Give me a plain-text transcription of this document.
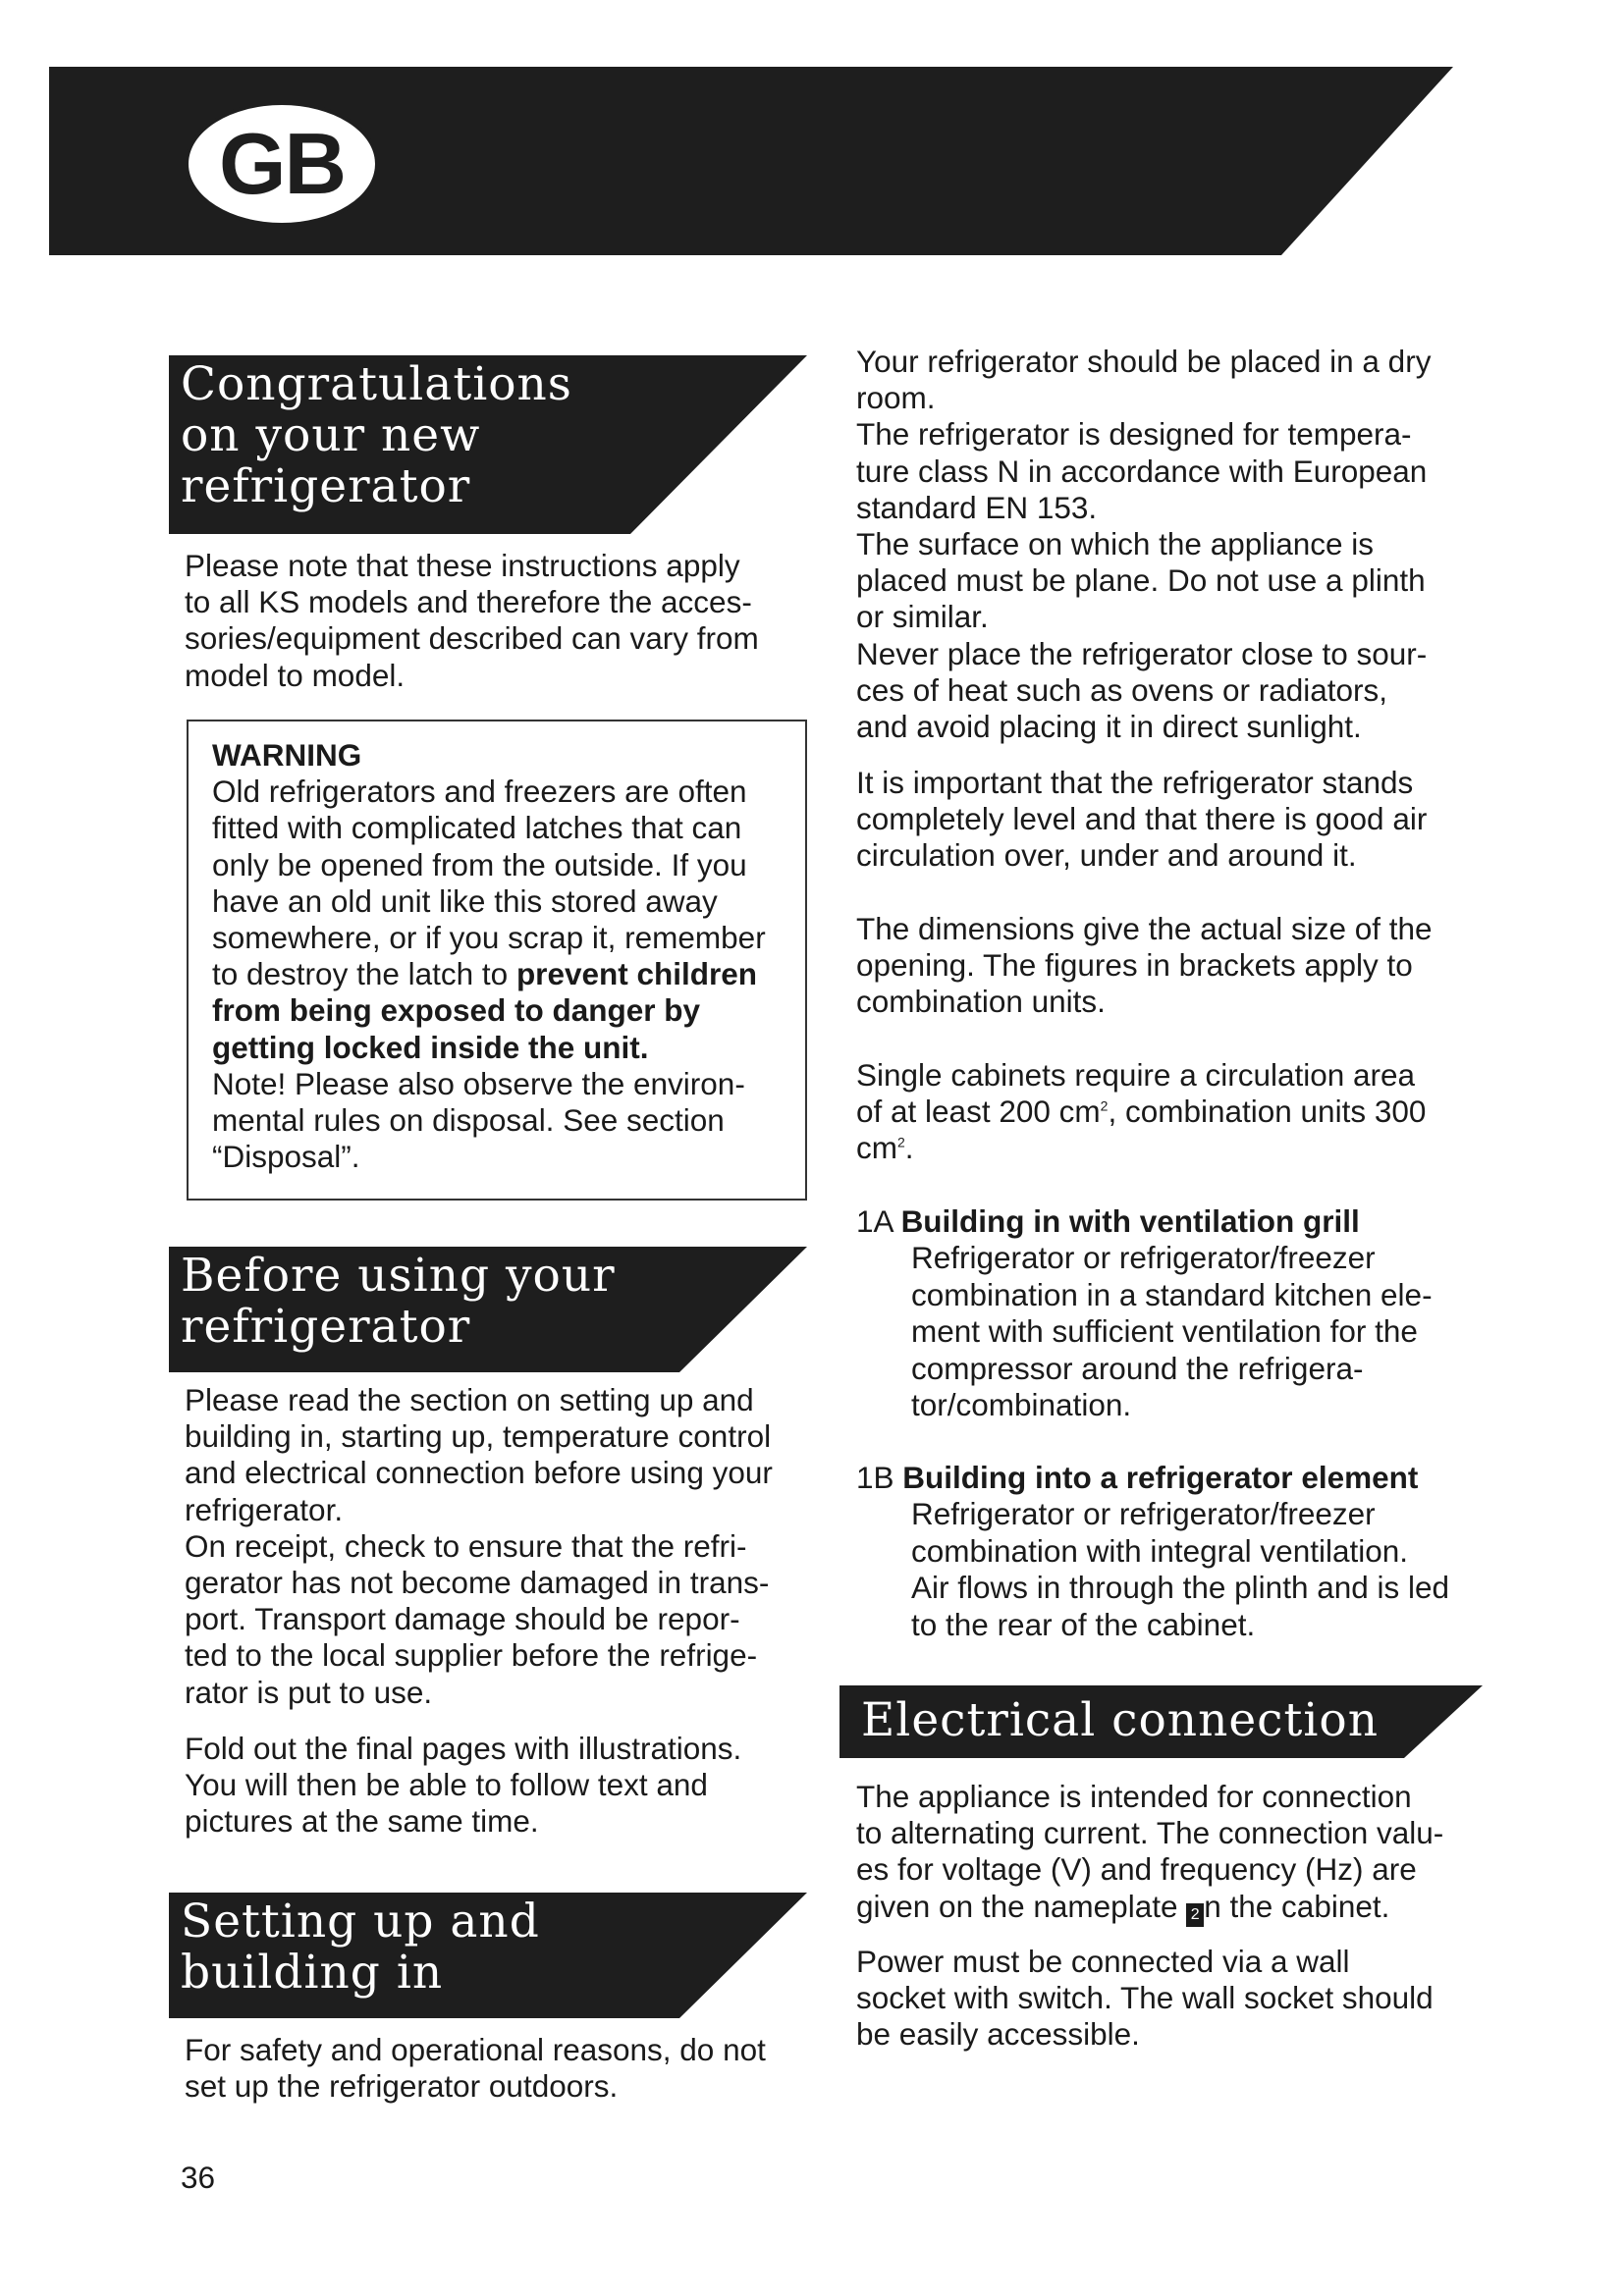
GB
Congratulations
on your new
refrigerator
Please note that these instructions apply
to all KS models and therefore the acces-
sories/equipment described can vary from
model to model.
WARNING
Old refrigerators and freezers are often
fitted with complicated latches that can
only be opened from the outside. If you
have an old unit like this stored away
somewhere, or if you scrap it, remember
to destroy the latch to prevent children
from being exposed to danger by
getting locked inside the unit.
Note! Please also observe the environ-
mental rules on disposal. See section
“Disposal”.
Before using your
refrigerator
Please read the section on setting up and
building in, starting up, temperature control
and electrical connection before using your
refrigerator.
On receipt, check to ensure that the refri-
gerator has not become damaged in trans-
port. Transport damage should be repor-
ted to the local supplier before the refrige-
rator is put to use.
Fold out the final pages with illustrations.
You will then be able to follow text and
pictures at the same time.
Setting up and
building in
For safety and operational reasons, do not
set up the refrigerator outdoors.
36
Your refrigerator should be placed in a dry
room.
The refrigerator is designed for tempera-
ture class N in accordance with European
standard EN 153.
The surface on which the appliance is
placed must be plane. Do not use a plinth
or similar.
Never place the refrigerator close to sour-
ces of heat such as ovens or radiators,
and avoid placing it in direct sunlight.
It is important that the refrigerator stands
completely level and that there is good air
circulation over, under and around it.
The dimensions give the actual size of the
opening. The figures in brackets apply to
combination units.
Single cabinets require a circulation area
of at least 200 $cm^2$, combination units 300
$cm^2$.
1A Building in with ventilation grill
Refrigerator or refrigerator/freezer
combination in a standard kitchen ele-
ment with sufficient ventilation for the
compressor around the refrigera-
tor/combination.
1B Building into a refrigerator element
Refrigerator or refrigerator/freezer
combination with integral ventilation.
Air flows in through the plinth and is led
to the rear of the cabinet.
Electrical connection
The appliance is intended for connection
to alternating current. The connection valu-
es for voltage (V) and frequency (Hz) are
given on the nameplate 2 n the cabinet.
Power must be connected via a wall
socket with switch. The wall socket should
be easily accessible.
